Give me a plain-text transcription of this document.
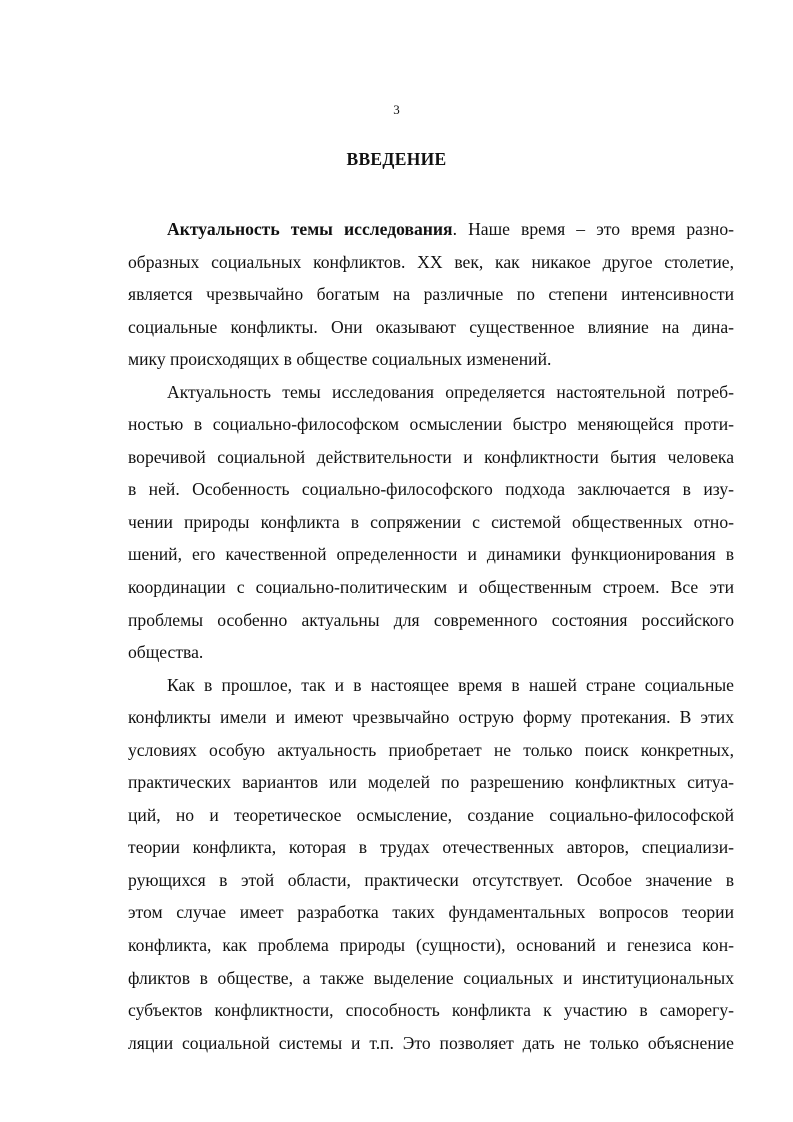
3
ВВЕДЕНИЕ
Актуальность темы исследования. Наше время – это время разно-
образных социальных конфликтов. XX век, как никакое другое столетие,
является чрезвычайно богатым на различные по степени интенсивности
социальные конфликты. Они оказывают существенное влияние на дина-
мику происходящих в обществе социальных изменений.
Актуальность темы исследования определяется настоятельной потреб-
ностью в социально-философском осмыслении быстро меняющейся проти-
воречивой социальной действительности и конфликтности бытия человека
в ней. Особенность социально-философского подхода заключается в изу-
чении природы конфликта в сопряжении с системой общественных отно-
шений, его качественной определенности и динамики функционирования в
координации с социально-политическим и общественным строем. Все эти
проблемы особенно актуальны для современного состояния российского
общества.
Как в прошлое, так и в настоящее время в нашей стране социальные
конфликты имели и имеют чрезвычайно острую форму протекания. В этих
условиях особую актуальность приобретает не только поиск конкретных,
практических вариантов или моделей по разрешению конфликтных ситуа-
ций, но и теоретическое осмысление, создание социально-философской
теории конфликта, которая в трудах отечественных авторов, специализи-
рующихся в этой области, практически отсутствует. Особое значение в
этом случае имеет разработка таких фундаментальных вопросов теории
конфликта, как проблема природы (сущности), оснований и генезиса кон-
фликтов в обществе, а также выделение социальных и институциональных
субъектов конфликтности, способность конфликта к участию в саморегу-
ляции социальной системы и т.п. Это позволяет дать не только объяснение
